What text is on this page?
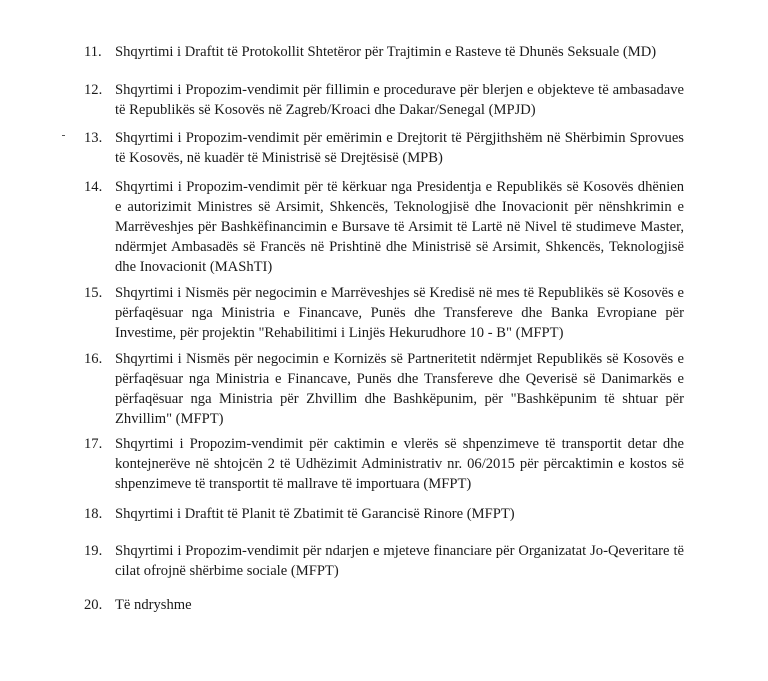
11. Shqyrtimi i Draftit të Protokollit Shtetëror për Trajtimin e Rasteve të Dhunës Seksuale (MD)
12. Shqyrtimi i Propozim-vendimit për fillimin e procedurave për blerjen e objekteve të ambasadave të Republikës së Kosovës në Zagreb/Kroaci dhe Dakar/Senegal (MPJD)
13. Shqyrtimi i Propozim-vendimit për emërimin e Drejtorit të Përgjithshëm në Shërbimin Sprovues të Kosovës, në kuadër të Ministrisë së Drejtësisë (MPB)
14. Shqyrtimi i Propozim-vendimit për të kërkuar nga Presidentja e Republikës së Kosovës dhënien e autorizimit Ministres së Arsimit, Shkencës, Teknologjisë dhe Inovacionit për nënshkrimin e Marrëveshjes për Bashkëfinancimin e Bursave të Arsimit të Lartë në Nivel të studimeve Master, ndërmjet Ambasadës së Francës në Prishtinë dhe Ministrisë së Arsimit, Shkencës, Teknologjisë dhe Inovacionit (MAShTI)
15. Shqyrtimi i Nismës për negocimin e Marrëveshjes së Kredisë në mes të Republikës së Kosovës e përfaqësuar nga Ministria e Financave, Punës dhe Transfereve dhe Banka Evropiane për Investime, për projektin "Rehabilitimi i Linjës Hekurudhore 10 - B" (MFPT)
16. Shqyrtimi i Nismës për negocimin e Kornizës së Partneritetit ndërmjet Republikës së Kosovës e përfaqësuar nga Ministria e Financave, Punës dhe Transfereve dhe Qeverisë së Danimarkës e përfaqësuar nga Ministria për Zhvillim dhe Bashkëpunim, për "Bashkëpunim të shtuar për Zhvillim" (MFPT)
17. Shqyrtimi i Propozim-vendimit për caktimin e vlerës së shpenzimeve të transportit detar dhe kontejnerëve në shtojcën 2 të Udhëzimit Administrativ nr. 06/2015 për përcaktimin e kostos së shpenzimeve të transportit të mallrave të importuara (MFPT)
18. Shqyrtimi i Draftit të Planit të Zbatimit të Garancisë Rinore (MFPT)
19. Shqyrtimi i Propozim-vendimit për ndarjen e mjeteve financiare për Organizatat Jo-Qeveritare të cilat ofrojnë shërbime sociale (MFPT)
20. Të ndryshme
